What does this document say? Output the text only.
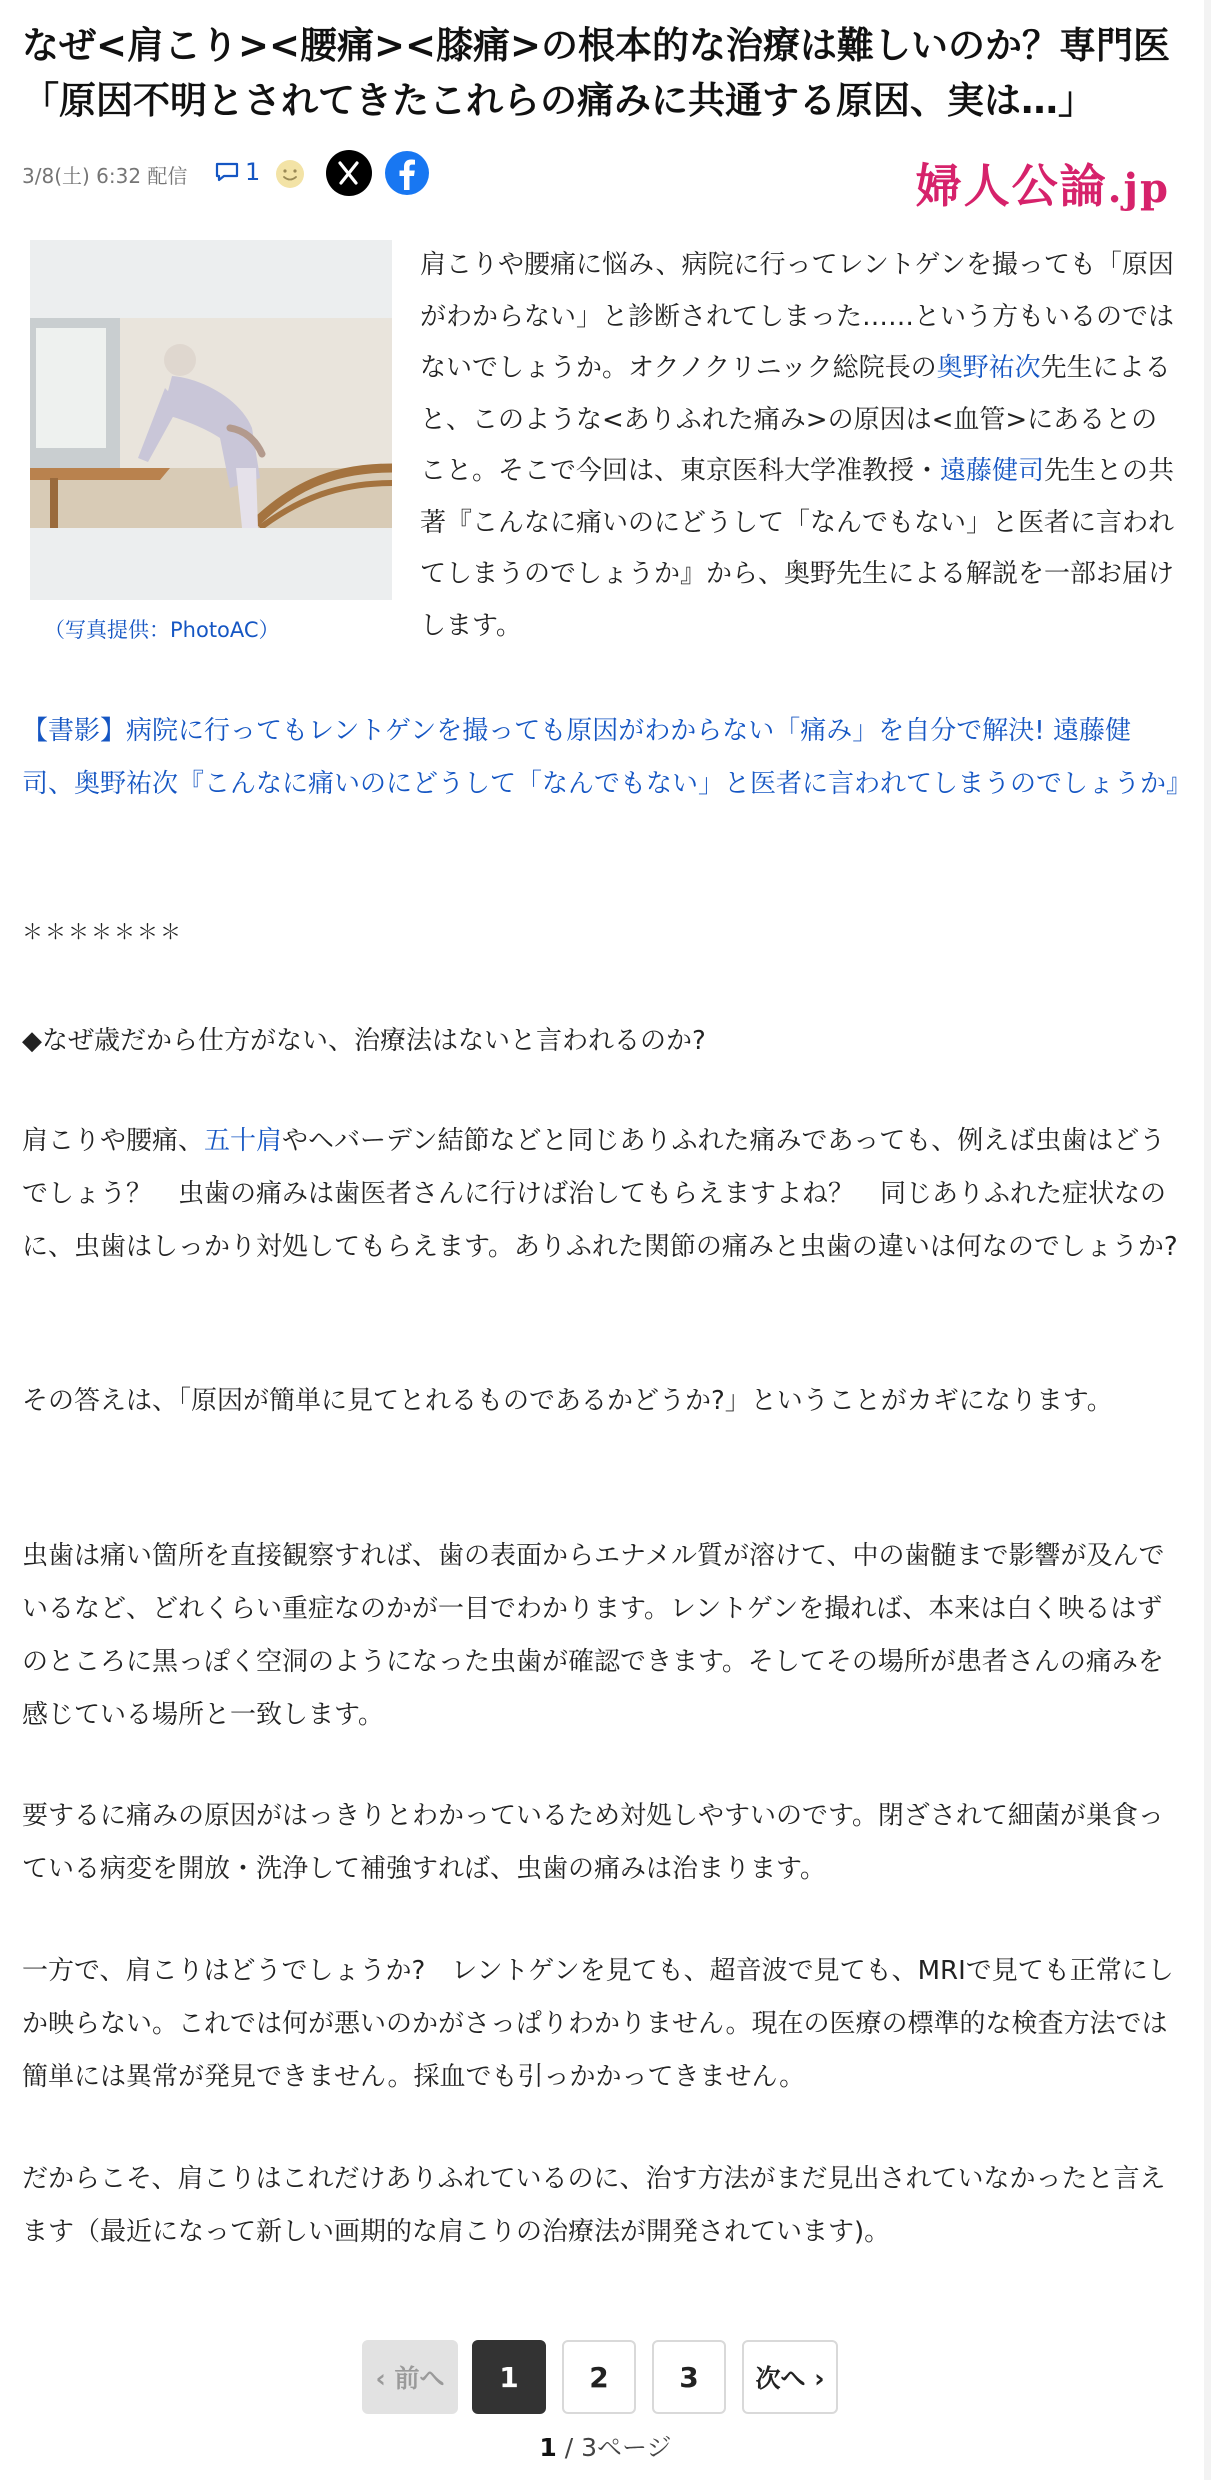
なぜ<肩こり><腰痛><膝痛>の根本的な治療は難しいのか？専門医「原因不明とされてきたこれらの痛みに共通する原因、実は…」
3/8(土) 6:32 配信 1	婦人公論.jp
（写真提供：PhotoAC）

肩こりや腰痛に悩み、病院に行ってレントゲンを撮っても「原因がわからない」と診断されてしまった……という方もいるのではないでしょうか。オクノクリニック総院長の奥野祐次先生によると、このような<ありふれた痛み>の原因は<血管>にあるとのこと。そこで今回は、東京医科大学准教授・遠藤健司先生との共著『こんなに痛いのにどうして「なんでもない」と医者に言われてしまうのでしょうか』から、奥野先生による解説を一部お届けします。

【書影】病院に行ってもレントゲンを撮っても原因がわからない「痛み」を自分で解決! 遠藤健司、奥野祐次『こんなに痛いのにどうして「なんでもない」と医者に言われてしまうのでしょうか』

＊＊＊＊＊＊＊

◆なぜ歳だから仕方がない、治療法はないと言われるのか?

肩こりや腰痛、五十肩やヘバーデン結節などと同じありふれた痛みであっても、例えば虫歯はどうでしょう？　虫歯の痛みは歯医者さんに行けば治してもらえますよね？　同じありふれた症状なのに、虫歯はしっかり対処してもらえます。ありふれた関節の痛みと虫歯の違いは何なのでしょうか?

その答えは、「原因が簡単に見てとれるものであるかどうか?」ということがカギになります。

虫歯は痛い箇所を直接観察すれば、歯の表面からエナメル質が溶けて、中の歯髄まで影響が及んでいるなど、どれくらい重症なのかが一目でわかります。レントゲンを撮れば、本来は白く映るはずのところに黒っぽく空洞のようになった虫歯が確認できます。そしてその場所が患者さんの痛みを感じている場所と一致します。

要するに痛みの原因がはっきりとわかっているため対処しやすいのです。閉ざされて細菌が巣食っている病変を開放・洗浄して補強すれば、虫歯の痛みは治まります。

一方で、肩こりはどうでしょうか?　レントゲンを見ても、超音波で見ても、MRIで見ても正常にしか映らない。これでは何が悪いのかがさっぱりわかりません。現在の医療の標準的な検査方法では簡単には異常が発見できません。採血でも引っかかってきません。

だからこそ、肩こりはこれだけありふれているのに、治す方法がまだ見出されていなかったと言えます（最近になって新しい画期的な肩こりの治療法が開発されています)。

‹ 前へ	1	2	3	次へ ›
1 / 3ページ
